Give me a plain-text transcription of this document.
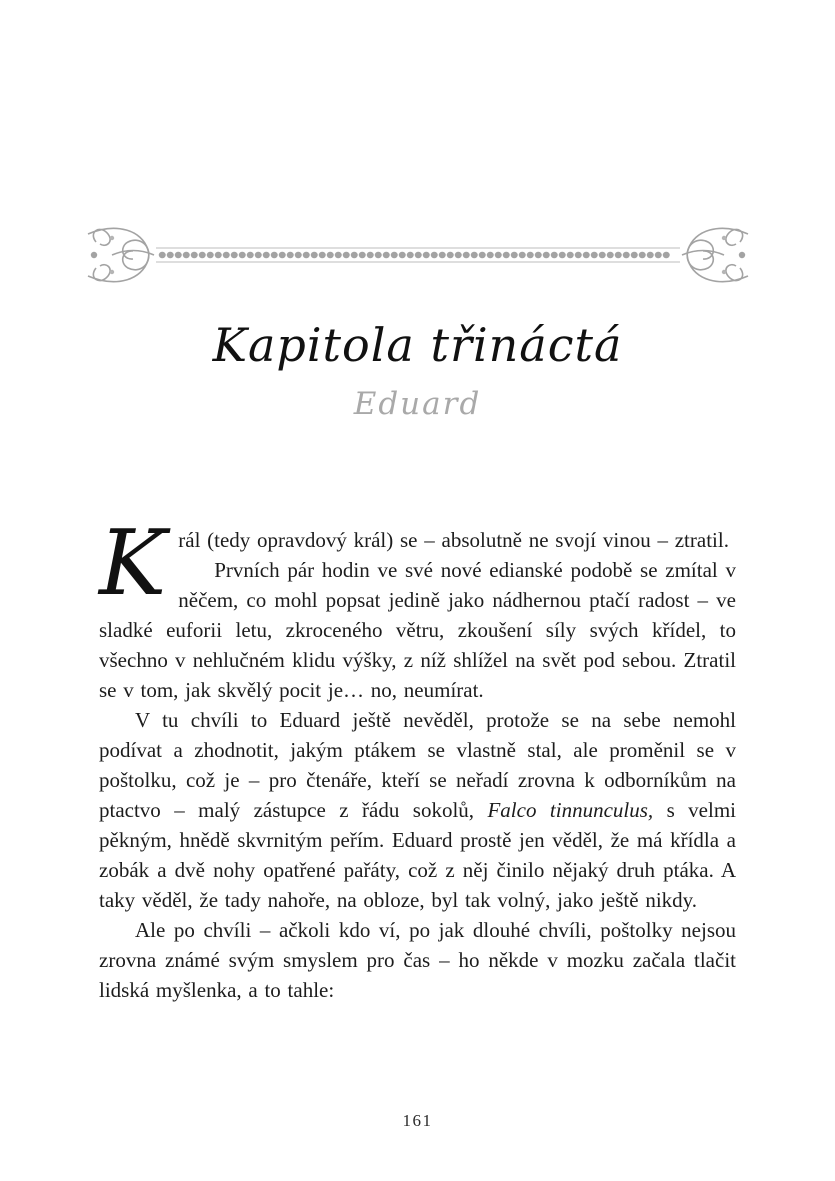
Kapitola třináctá
Eduard

Král (tedy opravdový král) se – absolutně ne svojí vinou – ztratil.

Prvních pár hodin ve své nové edianské podobě se zmítal v něčem, co mohl popsat jedině jako nádhernou ptačí radost – ve sladké euforii letu, zkroceného větru, zkoušení síly svých křídel, to všechno v nehlučném klidu výšky, z níž shlížel na svět pod sebou. Ztratil se v tom, jak skvělý pocit je… no, neumírat.

V tu chvíli to Eduard ještě nevěděl, protože se na sebe nemohl podívat a zhodnotit, jakým ptákem se vlastně stal, ale proměnil se v poštolku, což je – pro čtenáře, kteří se neřadí zrovna k odborníkům na ptactvo – malý zástupce z řádu sokolů, Falco tinnunculus, s velmi pěkným, hnědě skvrnitým peřím. Eduard prostě jen věděl, že má křídla a zobák a dvě nohy opatřené pařáty, což z něj činilo nějaký druh ptáka. A taky věděl, že tady nahoře, na obloze, byl tak volný, jako ještě nikdy.

Ale po chvíli – ačkoli kdo ví, po jak dlouhé chvíli, poštolky nejsou zrovna známé svým smyslem pro čas – ho někde v mozku začala tlačit lidská myšlenka, a to tahle:

161
